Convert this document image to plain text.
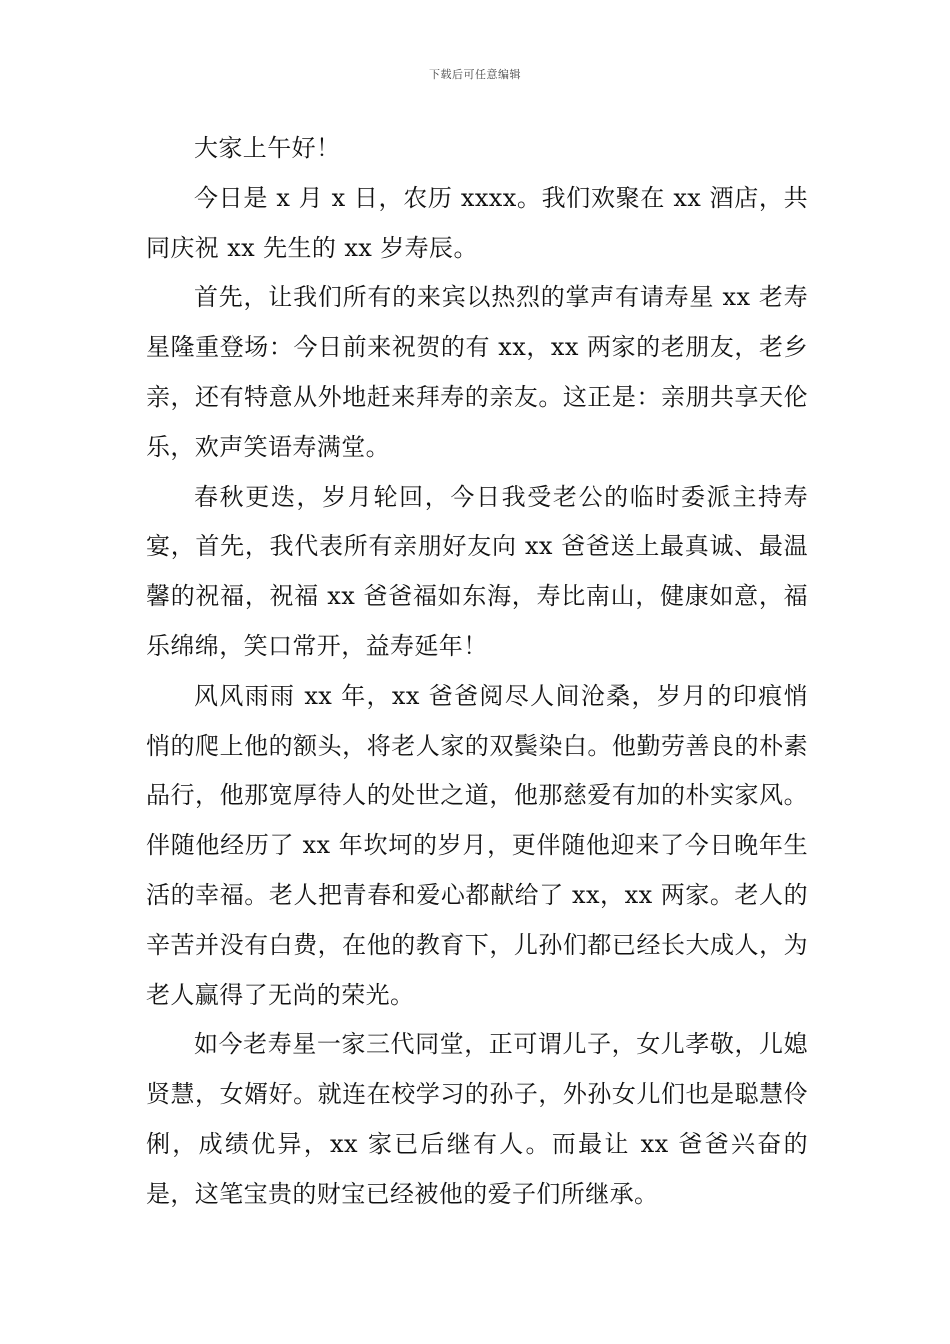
下载后可任意编辑

大家上午好！

今日是 x 月 x 日，农历 xxxx。我们欢聚在 xx 酒店，共同庆祝 xx 先生的 xx 岁寿辰。

首先，让我们所有的来宾以热烈的掌声有请寿星 xx 老寿星隆重登场：今日前来祝贺的有 xx，xx 两家的老朋友，老乡亲，还有特意从外地赶来拜寿的亲友。这正是：亲朋共享天伦乐，欢声笑语寿满堂。

春秋更迭，岁月轮回，今日我受老公的临时委派主持寿宴，首先，我代表所有亲朋好友向 xx 爸爸送上最真诚、最温馨的祝福，祝福 xx 爸爸福如东海，寿比南山，健康如意，福乐绵绵，笑口常开，益寿延年！

风风雨雨 xx 年，xx 爸爸阅尽人间沧桑，岁月的印痕悄悄的爬上他的额头，将老人家的双鬓染白。他勤劳善良的朴素品行，他那宽厚待人的处世之道，他那慈爱有加的朴实家风。伴随他经历了 xx 年坎坷的岁月，更伴随他迎来了今日晚年生活的幸福。老人把青春和爱心都献给了 xx，xx 两家。老人的辛苦并没有白费，在他的教育下，儿孙们都已经长大成人，为老人赢得了无尚的荣光。

如今老寿星一家三代同堂，正可谓儿子，女儿孝敬，儿媳贤慧，女婿好。就连在校学习的孙子，外孙女儿们也是聪慧伶俐，成绩优异，xx 家已后继有人。而最让 xx 爸爸兴奋的是，这笔宝贵的财宝已经被他的爱子们所继承。
